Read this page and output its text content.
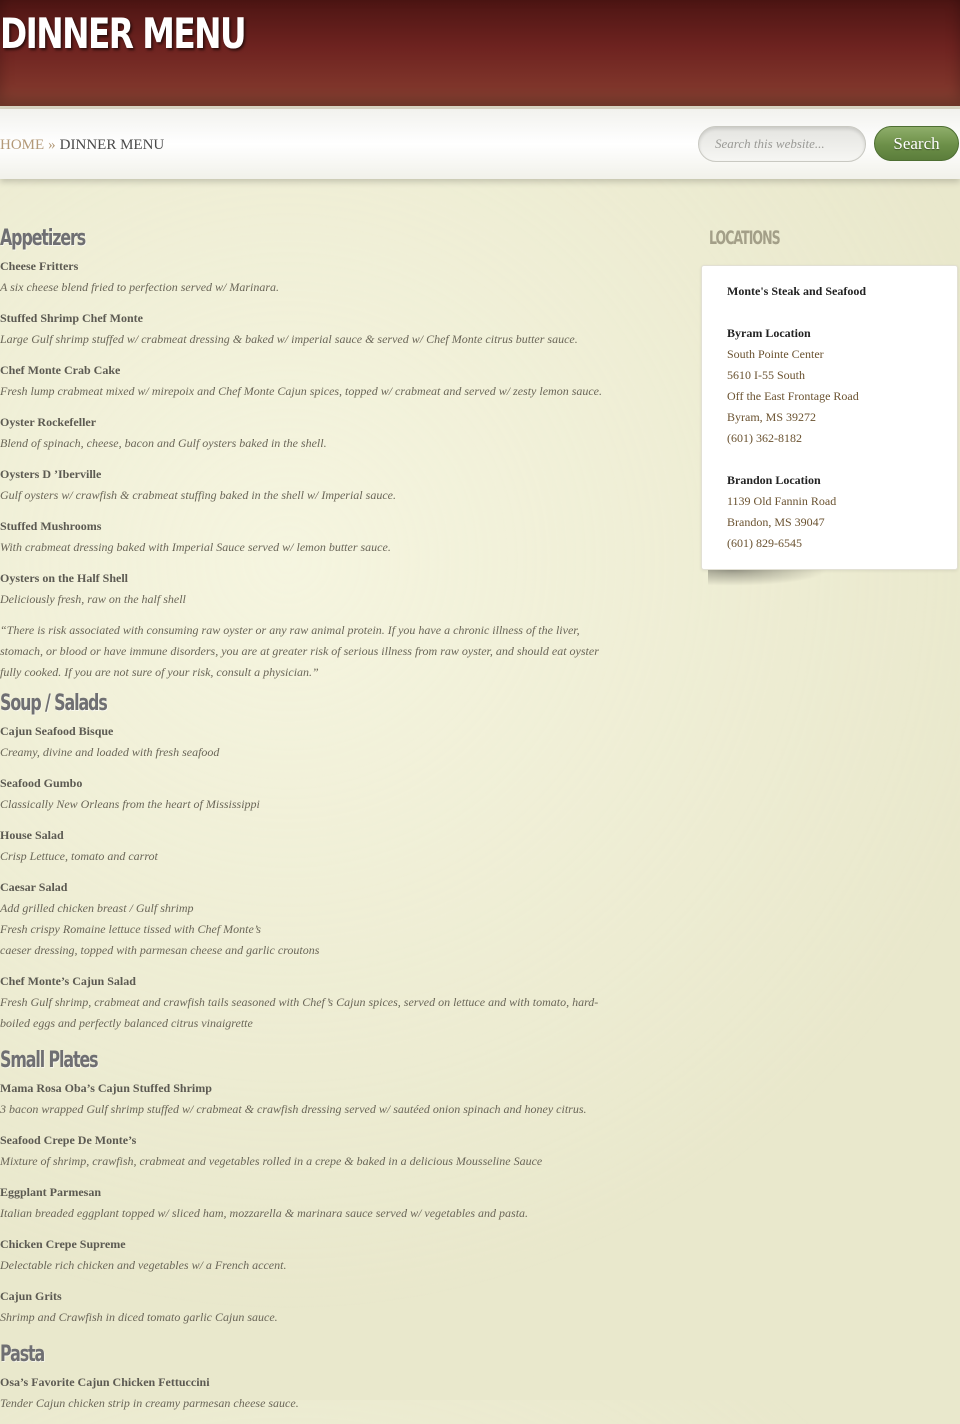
DINNER MENU
HOME » DINNER MENU
Search this website...	Search
Appetizers
Cheese Fritters
A six cheese blend fried to perfection served w/ Marinara.
Stuffed Shrimp Chef Monte
Large Gulf shrimp stuffed w/ crabmeat dressing & baked w/ imperial sauce & served w/ Chef Monte citrus butter sauce.
Chef Monte Crab Cake
Fresh lump crabmeat mixed w/ mirepoix and Chef Monte Cajun spices, topped w/ crabmeat and served w/ zesty lemon sauce.
Oyster Rockefeller
Blend of spinach, cheese, bacon and Gulf oysters baked in the shell.
Oysters D ’Iberville
Gulf oysters w/ crawfish & crabmeat stuffing baked in the shell w/ Imperial sauce.
Stuffed Mushrooms
With crabmeat dressing baked with Imperial Sauce served w/ lemon butter sauce.
Oysters on the Half Shell
Deliciously fresh, raw on the half shell
“There is risk associated with consuming raw oyster or any raw animal protein. If you have a chronic illness of the liver, stomach, or blood or have immune disorders, you are at greater risk of serious illness from raw oyster, and should eat oyster fully cooked. If you are not sure of your risk, consult a physician.”
Soup / Salads
Cajun Seafood Bisque
Creamy, divine and loaded with fresh seafood
Seafood Gumbo
Classically New Orleans from the heart of Mississippi
House Salad
Crisp Lettuce, tomato and carrot
Caesar Salad
Add grilled chicken breast / Gulf shrimp
Fresh crispy Romaine lettuce tissed with Chef Monte’s
caeser dressing, topped with parmesan cheese and garlic croutons
Chef Monte’s Cajun Salad
Fresh Gulf shrimp, crabmeat and crawfish tails seasoned with Chef’s Cajun spices, served on lettuce and with tomato, hard-boiled eggs and perfectly balanced citrus vinaigrette
Small Plates
Mama Rosa Oba’s Cajun Stuffed Shrimp
3 bacon wrapped Gulf shrimp stuffed w/ crabmeat & crawfish dressing served w/ sautéed onion spinach and honey citrus.
Seafood Crepe De Monte’s
Mixture of shrimp, crawfish, crabmeat and vegetables rolled in a crepe & baked in a delicious Mousseline Sauce
Eggplant Parmesan
Italian breaded eggplant topped w/ sliced ham, mozzarella & marinara sauce served w/ vegetables and pasta.
Chicken Crepe Supreme
Delectable rich chicken and vegetables w/ a French accent.
Cajun Grits
Shrimp and Crawfish in diced tomato garlic Cajun sauce.
Pasta
Osa’s Favorite Cajun Chicken Fettuccini
Tender Cajun chicken strip in creamy parmesan cheese sauce.
LOCATIONS
Monte's Steak and Seafood
Byram Location
South Pointe Center
5610 I-55 South
Off the East Frontage Road
Byram, MS 39272
(601) 362-8182
Brandon Location
1139 Old Fannin Road
Brandon, MS 39047
(601) 829-6545
